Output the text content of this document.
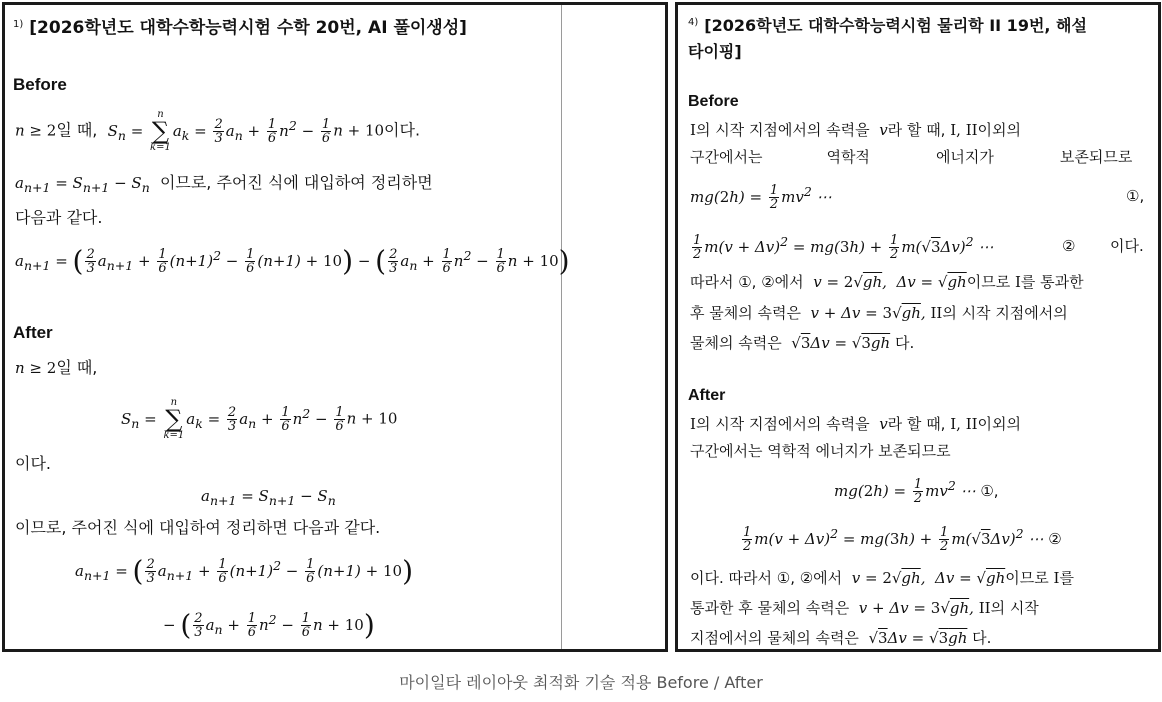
$^{1)}$ [2026학년도 대학수학능력시험 수학 20번, AI 풀이생성]
Before
n ≥ 2일 때, $S_n$ =
n
∑
k=1
$a_k = \frac{2}{3} a_n + \frac{1}{6} n^2 - \frac{1}{6}$ n + 10이다.
$a_{n+1} = S_{n+1} - S_n$ 이므로, 주어진 식에 대입하여 정리하면
다음과 같다.
$a_{n+1}$ = ( $\frac{2}{3} a_{n+1} + \frac{1}{6} (n+1)^2 - \frac{1}{6} (n+1) + 10$) − ( $\frac{2}{3} a_n + \frac{1}{6} n^2 - \frac{1}{6}$ n + 10)
After
n ≥ 2일 때,
$S_n$ =
n
∑
k=1
$a_k = \frac{2}{3} a_n + \frac{1}{6} n^2 - \frac{1}{6}$ n + 10
이다.
$a_{n+1} = S_{n+1} - S_n$
이므로, 주어진 식에 대입하여 정리하면 다음과 같다.
$a_{n+1}$ = ( $\frac{2}{3} a_{n+1} + \frac{1}{6} (n+1)^2 - \frac{1}{6} (n+1) + 10$)
− ( $\frac{2}{3} a_n + \frac{1}{6} n^2 - \frac{1}{6}$ n + 10)
$^{4)}$ [2026학년도 대학수학능력시험 물리학 II 19번, 해설
타이핑]
Before
I의 시작 지점에서의 속력을 v라 할 때, I, II이외의
구간에서는	역학적	에너지가	보존되므로
$mg(2h) = \frac{1}{2} mv^2$ ⋯	①,
$\frac{1}{2} m(v + \Delta v)^2 = mg(3h) + \frac{1}{2} m(√3\Delta v)^2$ ⋯	② 이다.
따라서 ①, ②에서 v = 2√gh,  Δv = √gh이므로 I를 통과한
후 물체의 속력은 v + Δv = 3√gh, II의 시작 지점에서의
물체의 속력은 √3Δv = √3gh 다.
After
I의 시작 지점에서의 속력을 v라 할 때, I, II이외의
구간에서는 역학적 에너지가 보존되므로
$mg(2h) = \frac{1}{2} mv^2$ ⋯ ①,
$\frac{1}{2} m(v + \Delta v)^2 = mg(3h) + \frac{1}{2} m(√3\Delta v)^2$ ⋯ ②
이다. 따라서 ①, ②에서 v = 2√gh,  Δv = √gh이므로 I를
통과한 후 물체의 속력은 v + Δv = 3√gh, II의 시작
지점에서의 물체의 속력은 √3Δv = √3gh 다.
마이일타 레이아웃 최적화 기술 적용 Before / After
